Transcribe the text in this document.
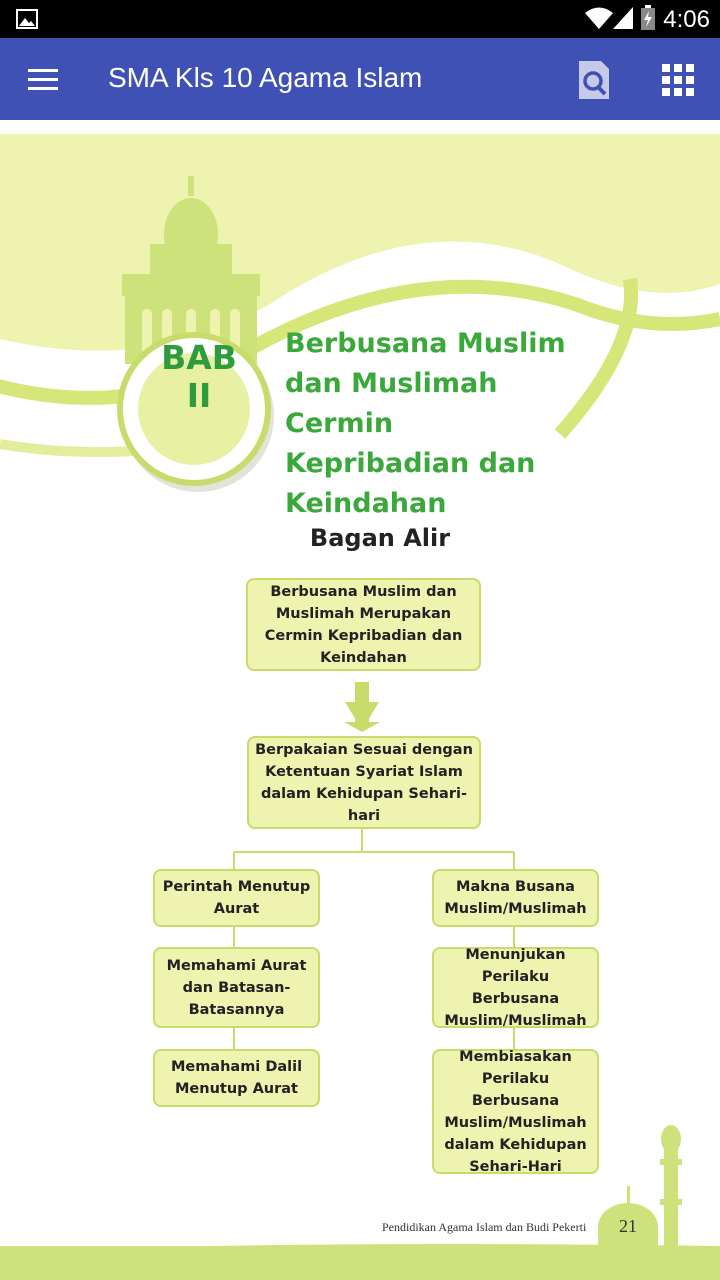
4:06
SMA Kls 10 Agama Islam
BAB
II
Berbusana Muslim
dan Muslimah Cermin
Kepribadian dan
Keindahan
Bagan Alir
Berbusana Muslim dan Muslimah Merupakan Cermin Kepribadian dan Keindahan
Berpakaian Sesuai dengan Ketentuan Syariat Islam dalam Kehidupan Sehari-hari
Perintah Menutup Aurat
Memahami Aurat dan Batasan-Batasannya
Memahami Dalil Menutup Aurat
Makna Busana Muslim/Muslimah
Menunjukan Perilaku Berbusana Muslim/Muslimah
Membiasakan Perilaku Berbusana Muslim/Muslimah dalam Kehidupan Sehari-Hari
Pendidikan Agama Islam dan Budi Pekerti	21
